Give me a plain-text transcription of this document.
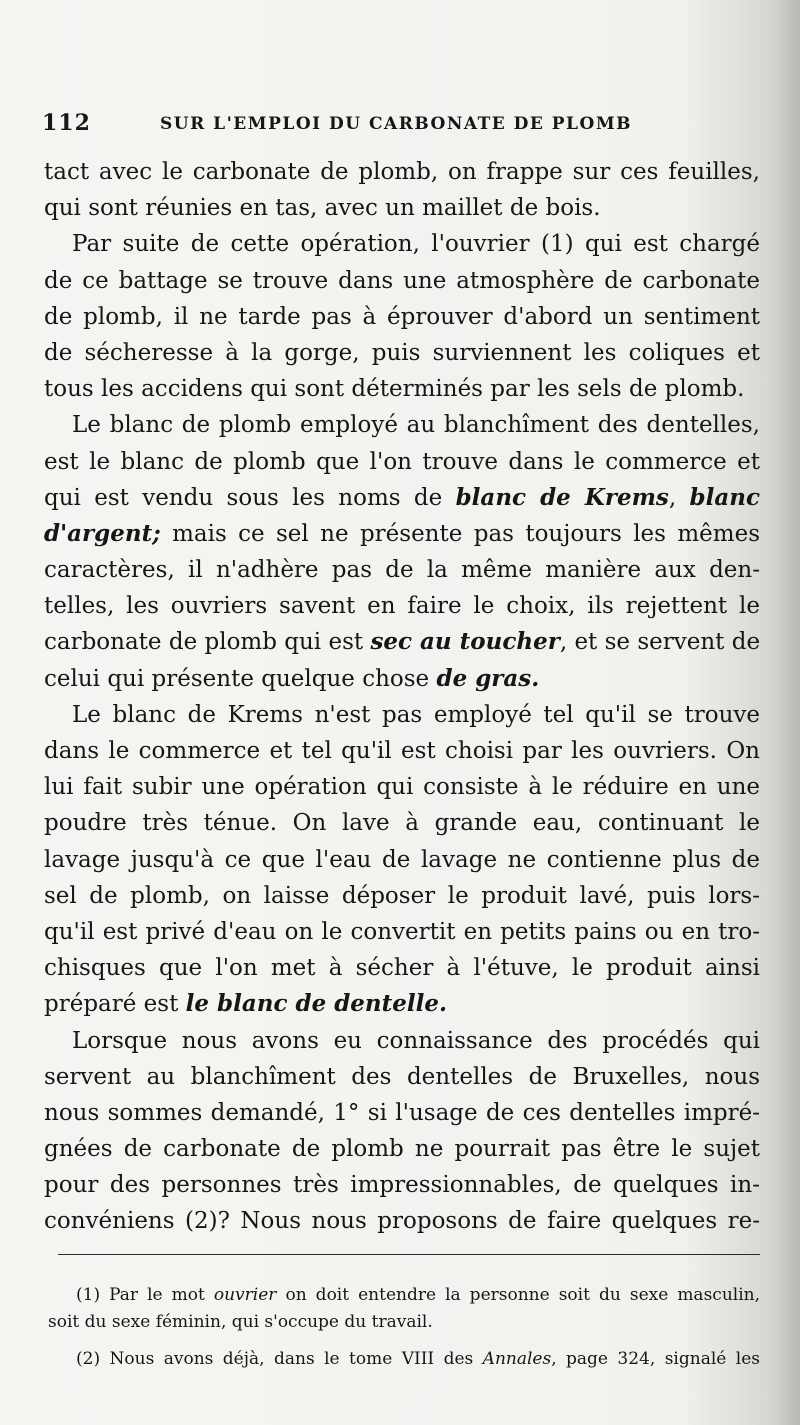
112	SUR L'EMPLOI DU CARBONATE DE PLOMB
tact avec le carbonate de plomb, on frappe sur ces feuilles,
qui sont réunies en tas, avec un maillet de bois.
Par suite de cette opération, l'ouvrier (1) qui est chargé
de ce battage se trouve dans une atmosphère de carbonate
de plomb, il ne tarde pas à éprouver d'abord un sentiment
de sécheresse à la gorge, puis surviennent les coliques et
tous les accidens qui sont déterminés par les sels de plomb.
Le blanc de plomb employé au blanchîment des dentelles,
est le blanc de plomb que l'on trouve dans le commerce et
qui est vendu sous les noms de blanc de Krems, blanc
d'argent; mais ce sel ne présente pas toujours les mêmes
caractères, il n'adhère pas de la même manière aux den-
telles, les ouvriers savent en faire le choix, ils rejettent le
carbonate de plomb qui est sec au toucher, et se servent de
celui qui présente quelque chose de gras.
Le blanc de Krems n'est pas employé tel qu'il se trouve
dans le commerce et tel qu'il est choisi par les ouvriers. On
lui fait subir une opération qui consiste à le réduire en une
poudre très ténue. On lave à grande eau, continuant le
lavage jusqu'à ce que l'eau de lavage ne contienne plus de
sel de plomb, on laisse déposer le produit lavé, puis lors-
qu'il est privé d'eau on le convertit en petits pains ou en tro-
chisques que l'on met à sécher à l'étuve, le produit ainsi
préparé est le blanc de dentelle.
Lorsque nous avons eu connaissance des procédés qui
servent au blanchîment des dentelles de Bruxelles, nous
nous sommes demandé, 1° si l'usage de ces dentelles impré-
gnées de carbonate de plomb ne pourrait pas être le sujet
pour des personnes très impressionnables, de quelques in-
convéniens (2)? Nous nous proposons de faire quelques re-
(1) Par le mot ouvrier on doit entendre la personne soit du sexe masculin,
soit du sexe féminin, qui s'occupe du travail.
(2) Nous avons déjà, dans le tome VIII des Annales, page 324, signalé les
